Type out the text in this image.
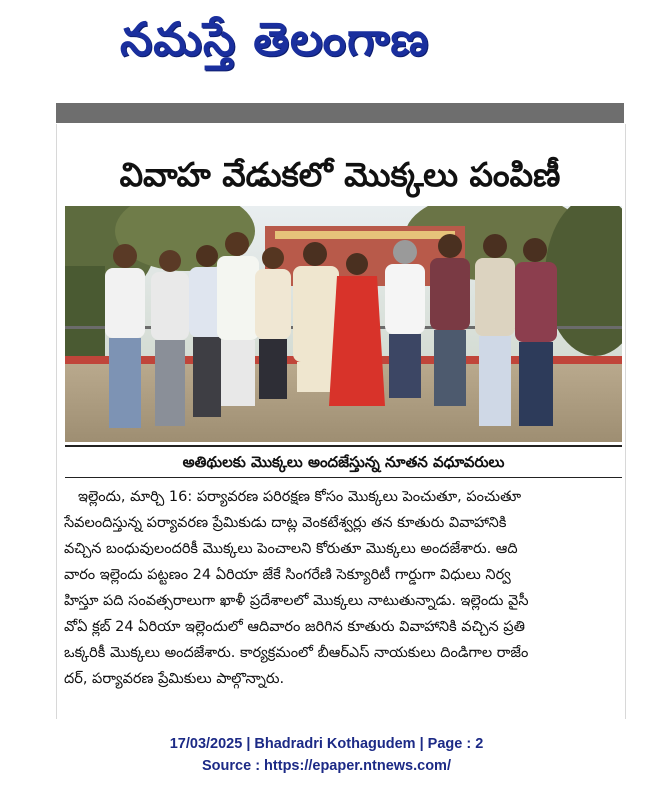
నమస్తే తెలంగాణ
వివాహ వేడుకలో మొక్కలు పంపిణీ
అతిథులకు మొక్కలు అందజేస్తున్న నూతన వధూవరులు
ఇల్లెందు, మార్చి 16: పర్యావరణ పరిరక్షణ కోసం మొక్కలు పెంచుతూ, పంచుతూ
సేవలందిస్తున్న పర్యావరణ ప్రేమికుడు దాట్ల వెంకటేశ్వర్లు తన కూతురు వివాహానికి
వచ్చిన బంధువులందరికీ మొక్కలు పెంచాలని కోరుతూ మొక్కలు అందజేశారు. ఆది
వారం ఇల్లెందు పట్టణం 24 ఏరియా జేకే సింగరేణి సెక్యూరిటీ గార్డుగా విధులు నిర్వ
హిస్తూ పది సంవత్సరాలుగా ఖాళీ ప్రదేశాలలో మొక్కలు నాటుతున్నాడు. ఇల్లెందు వైసీ
వోఏ క్లబ్ 24 ఏరియా ఇల్లెందులో ఆదివారం జరిగిన కూతురు వివాహానికి వచ్చిన ప్రతి
ఒక్కరికీ మొక్కలు అందజేశారు. కార్యక్రమంలో బీఆర్ఎస్ నాయకులు దిండిగాల రాజేం
దర్, పర్యావరణ ప్రేమికులు పాల్గొన్నారు.
17/03/2025 | Bhadradri Kothagudem | Page : 2
Source : https://epaper.ntnews.com/
